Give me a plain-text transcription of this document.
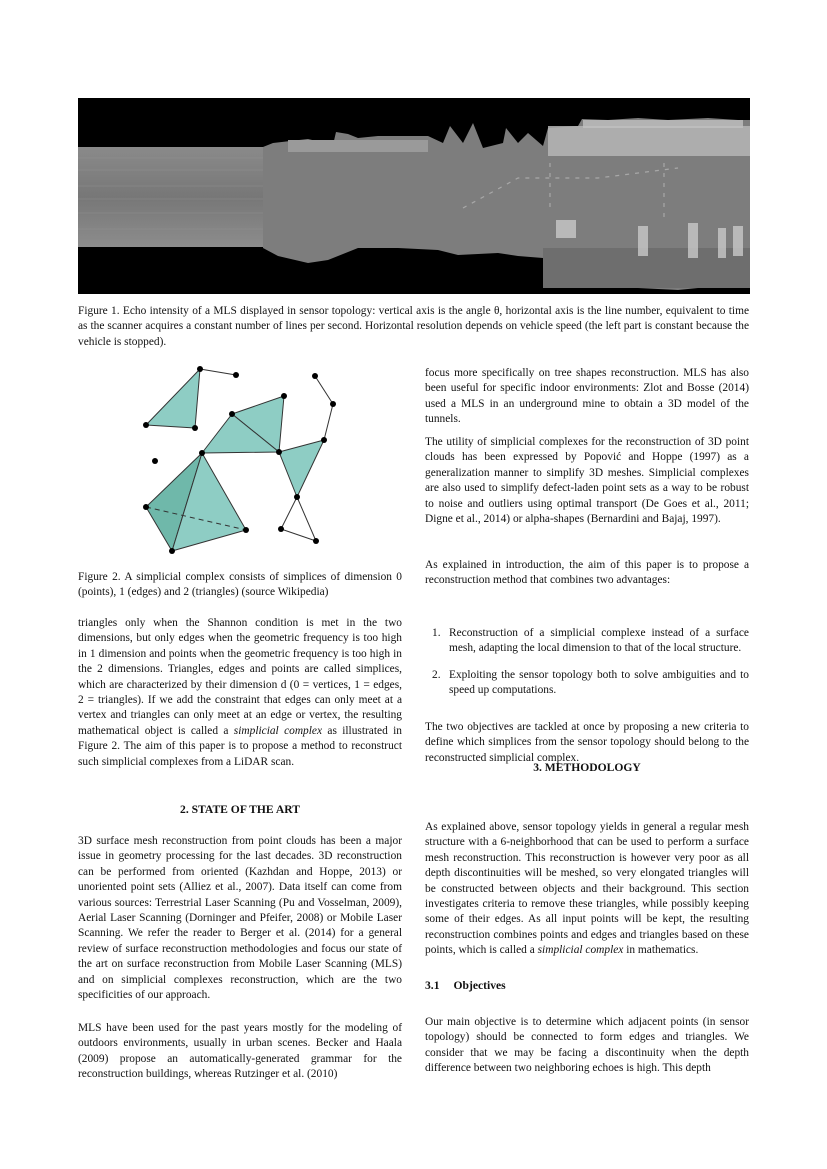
Figure 1. Echo intensity of a MLS displayed in sensor topology: vertical axis is the angle θ, horizontal axis is the line number, equivalent to time as the scanner acquires a constant number of lines per second. Horizontal resolution depends on vehicle speed (the left part is constant because the vehicle is stopped).

Figure 2. A simplicial complex consists of simplices of dimension 0 (points), 1 (edges) and 2 (triangles) (source Wikipedia)

triangles only when the Shannon condition is met in the two dimensions, but only edges when the geometric frequency is too high in 1 dimension and points when the geometric frequency is too high in the 2 dimensions. Triangles, edges and points are called simplices, which are characterized by their dimension d (0 = vertices, 1 = edges, 2 = triangles). If we add the constraint that edges can only meet at a vertex and triangles can only meet at an edge or vertex, the resulting mathematical object is called a simplicial complex as illustrated in Figure 2. The aim of this paper is to propose a method to reconstruct such simplicial complexes from a LiDAR scan.

2. STATE OF THE ART

3D surface mesh reconstruction from point clouds has been a major issue in geometry processing for the last decades. 3D reconstruction can be performed from oriented (Kazhdan and Hoppe, 2013) or unoriented point sets (Alliez et al., 2007). Data itself can come from various sources: Terrestrial Laser Scanning (Pu and Vosselman, 2009), Aerial Laser Scanning (Dorninger and Pfeifer, 2008) or Mobile Laser Scanning. We refer the reader to Berger et al. (2014) for a general review of surface reconstruction methodologies and focus our state of the art on surface reconstruction from Mobile Laser Scanning (MLS) and on simplicial complexes reconstruction, which are the two specificities of our approach.

MLS have been used for the past years mostly for the modeling of outdoors environments, usually in urban scenes. Becker and Haala (2009) propose an automatically-generated grammar for the reconstruction buildings, whereas Rutzinger et al. (2010)

focus more specifically on tree shapes reconstruction. MLS has also been useful for specific indoor environments: Zlot and Bosse (2014) used a MLS in an underground mine to obtain a 3D model of the tunnels.

The utility of simplicial complexes for the reconstruction of 3D point clouds has been expressed by Popović and Hoppe (1997) as a generalization manner to simplify 3D meshes. Simplicial complexes are also used to simplify defect-laden point sets as a way to be robust to noise and outliers using optimal transport (De Goes et al., 2011; Digne et al., 2014) or alpha-shapes (Bernardini and Bajaj, 1997).

As explained in introduction, the aim of this paper is to propose a reconstruction method that combines two advantages:

1. Reconstruction of a simplicial complexe instead of a surface mesh, adapting the local dimension to that of the local structure.
2. Exploiting the sensor topology both to solve ambiguities and to speed up computations.

The two objectives are tackled at once by proposing a new criteria to define which simplices from the sensor topology should belong to the reconstructed simplicial complex.

3. METHODOLOGY

As explained above, sensor topology yields in general a regular mesh structure with a 6-neighborhood that can be used to perform a surface mesh reconstruction. This reconstruction is however very poor as all depth discontinuities will be meshed, so very elongated triangles will be constructed between objects and their background. This section investigates criteria to remove these triangles, while possibly keeping some of their edges. As all input points will be kept, the resulting reconstruction combines points and edges and triangles based on these points, which is called a simplicial complex in mathematics.

3.1 Objectives

Our main objective is to determine which adjacent points (in sensor topology) should be connected to form edges and triangles. We consider that we may be facing a discontinuity when the depth difference between two neighboring echoes is high. This depth
